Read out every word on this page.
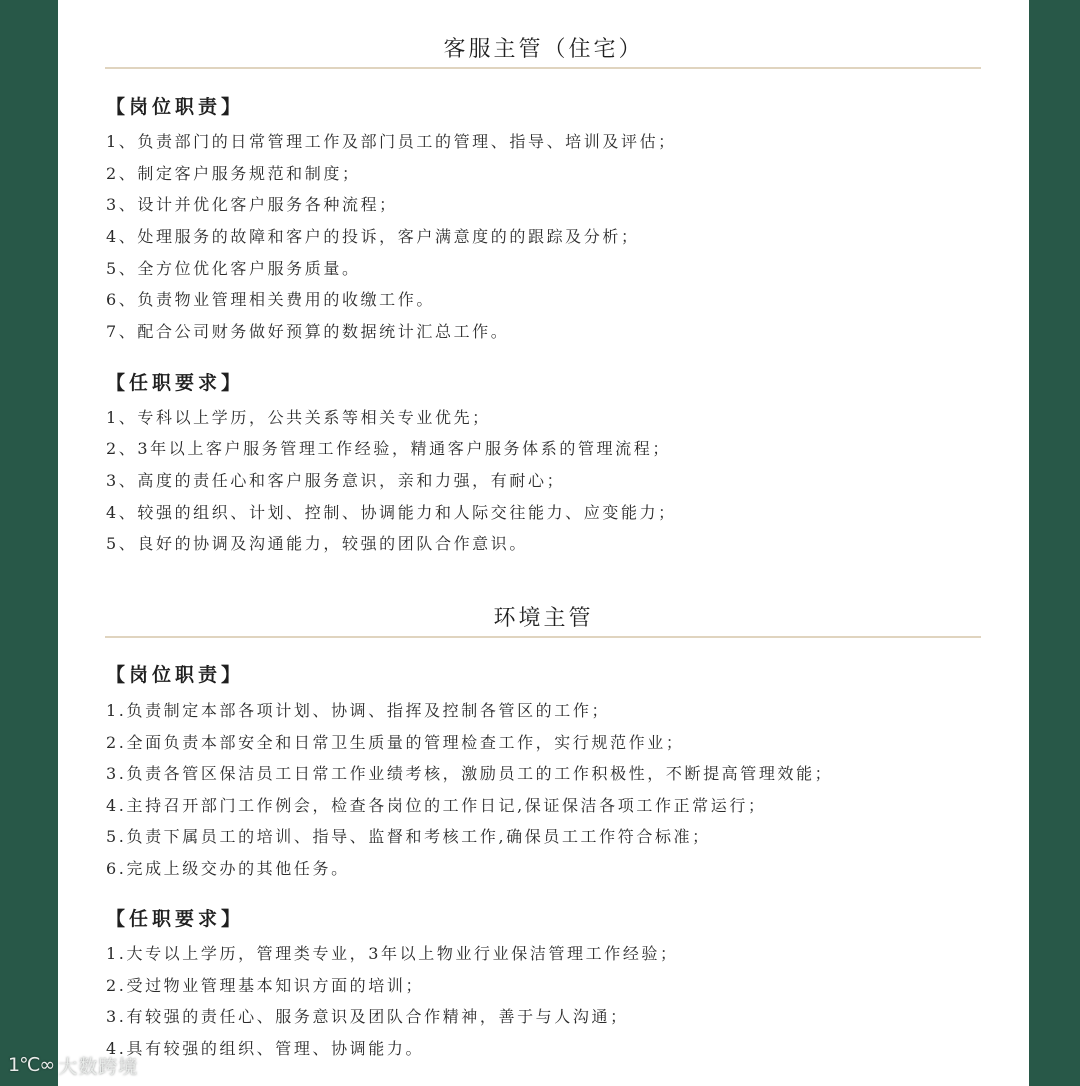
客服主管（住宅）
【岗位职责】
1、负责部门的日常管理工作及部门员工的管理、指导、培训及评估；
2、制定客户服务规范和制度；
3、设计并优化客户服务各种流程；
4、处理服务的故障和客户的投诉，客户满意度的的跟踪及分析；
5、全方位优化客户服务质量。
6、负责物业管理相关费用的收缴工作。
7、配合公司财务做好预算的数据统计汇总工作。
【任职要求】
1、专科以上学历，公共关系等相关专业优先；
2、3年以上客户服务管理工作经验，精通客户服务体系的管理流程；
3、高度的责任心和客户服务意识，亲和力强，有耐心；
4、较强的组织、计划、控制、协调能力和人际交往能力、应变能力；
5、良好的协调及沟通能力，较强的团队合作意识。
环境主管
【岗位职责】
1.负责制定本部各项计划、协调、指挥及控制各管区的工作；
2.全面负责本部安全和日常卫生质量的管理检查工作，实行规范作业；
3.负责各管区保洁员工日常工作业绩考核，激励员工的工作积极性，不断提高管理效能；
4.主持召开部门工作例会，检查各岗位的工作日记,保证保洁各项工作正常运行；
5.负责下属员工的培训、指导、监督和考核工作,确保员工工作符合标准；
6.完成上级交办的其他任务。
【任职要求】
1.大专以上学历，管理类专业，3年以上物业行业保洁管理工作经验；
2.受过物业管理基本知识方面的培训；
3.有较强的责任心、服务意识及团队合作精神，善于与人沟通；
4.具有较强的组织、管理、协调能力。
1℃∞ 大数跨境
